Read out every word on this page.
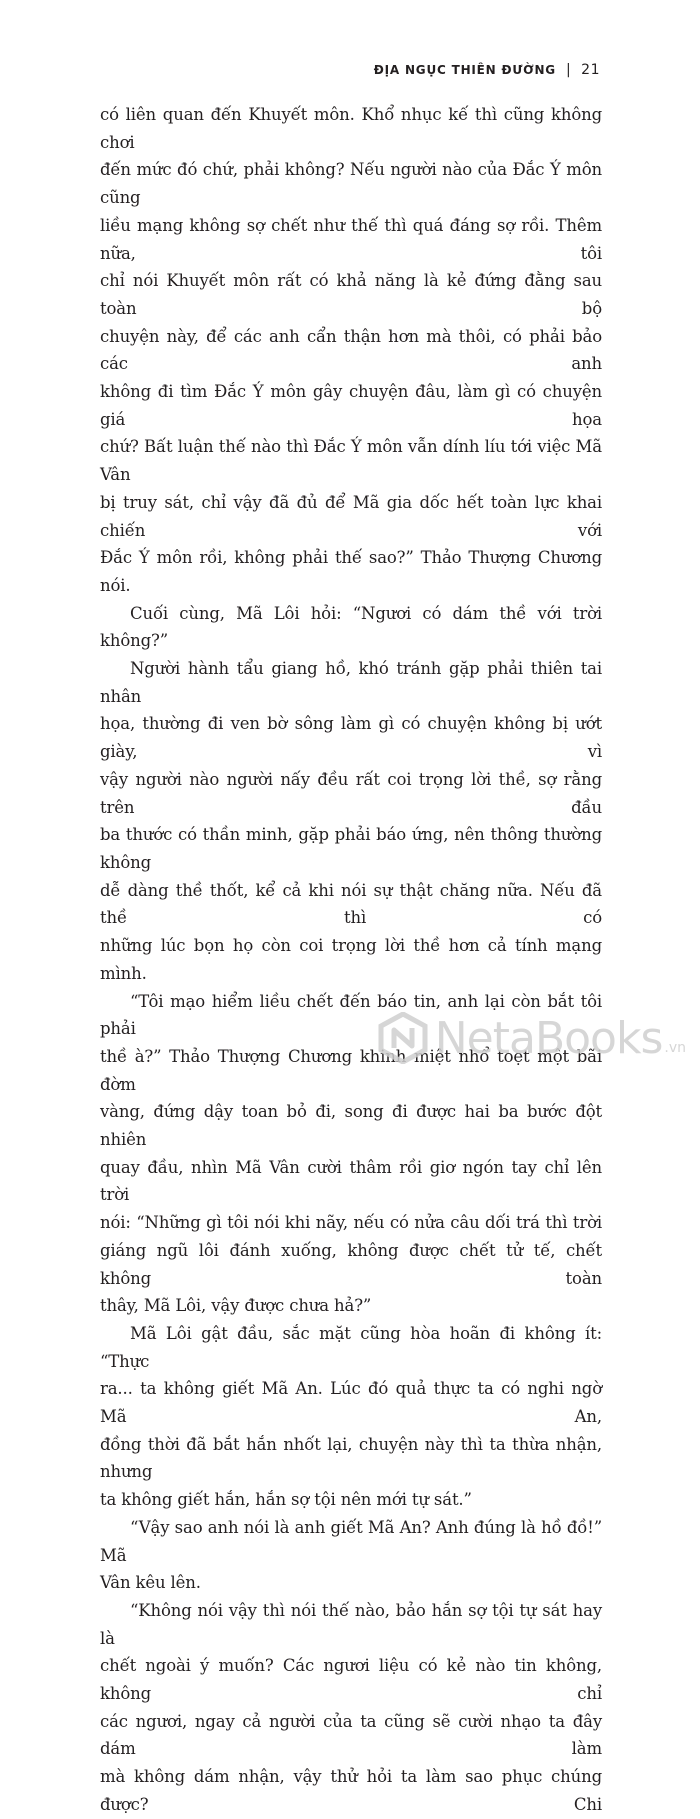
ĐỊA NGỤC THIÊN ĐƯỜNG | 21

có liên quan đến Khuyết môn. Khổ nhục kế thì cũng không chơi

đến mức đó chứ, phải không? Nếu người nào của Đắc Ý môn cũng

liều mạng không sợ chết như thế thì quá đáng sợ rồi. Thêm nữa, tôi

chỉ nói Khuyết môn rất có khả năng là kẻ đứng đằng sau toàn bộ

chuyện này, để các anh cẩn thận hơn mà thôi, có phải bảo các anh

không đi tìm Đắc Ý môn gây chuyện đâu, làm gì có chuyện giá họa

chứ? Bất luận thế nào thì Đắc Ý môn vẫn dính líu tới việc Mã Vân

bị truy sát, chỉ vậy đã đủ để Mã gia dốc hết toàn lực khai chiến với

Đắc Ý môn rồi, không phải thế sao?” Thảo Thượng Chương nói.

Cuối cùng, Mã Lôi hỏi: “Ngươi có dám thề với trời không?”

Người hành tẩu giang hồ, khó tránh gặp phải thiên tai nhân

họa, thường đi ven bờ sông làm gì có chuyện không bị ướt giày, vì

vậy người nào người nấy đều rất coi trọng lời thề, sợ rằng trên đầu

ba thước có thần minh, gặp phải báo ứng, nên thông thường không

dễ dàng thề thốt, kể cả khi nói sự thật chăng nữa. Nếu đã thề thì có

những lúc bọn họ còn coi trọng lời thề hơn cả tính mạng mình.

“Tôi mạo hiểm liều chết đến báo tin, anh lại còn bắt tôi phải

thề à?” Thảo Thượng Chương khinh miệt nhổ toẹt một bãi đờm

vàng, đứng dậy toan bỏ đi, song đi được hai ba bước đột nhiên

quay đầu, nhìn Mã Vân cười thâm rồi giơ ngón tay chỉ lên trời

nói: “Những gì tôi nói khi nãy, nếu có nửa câu dối trá thì trời

giáng ngũ lôi đánh xuống, không được chết tử tế, chết không toàn

thây, Mã Lôi, vậy được chưa hả?”

Mã Lôi gật đầu, sắc mặt cũng hòa hoãn đi không ít: “Thực

ra... ta không giết Mã An. Lúc đó quả thực ta có nghi ngờ Mã An,

đồng thời đã bắt hắn nhốt lại, chuyện này thì ta thừa nhận, nhưng

ta không giết hắn, hắn sợ tội nên mới tự sát.”

“Vậy sao anh nói là anh giết Mã An? Anh đúng là hồ đồ!” Mã

Vân kêu lên.

“Không nói vậy thì nói thế nào, bảo hắn sợ tội tự sát hay là

chết ngoài ý muốn? Các ngươi liệu có kẻ nào tin không, không chỉ

các ngươi, ngay cả người của ta cũng sẽ cười nhạo ta đây dám làm

mà không dám nhận, vậy thử hỏi ta làm sao phục chúng được? Chi

NetaBooks .vn
